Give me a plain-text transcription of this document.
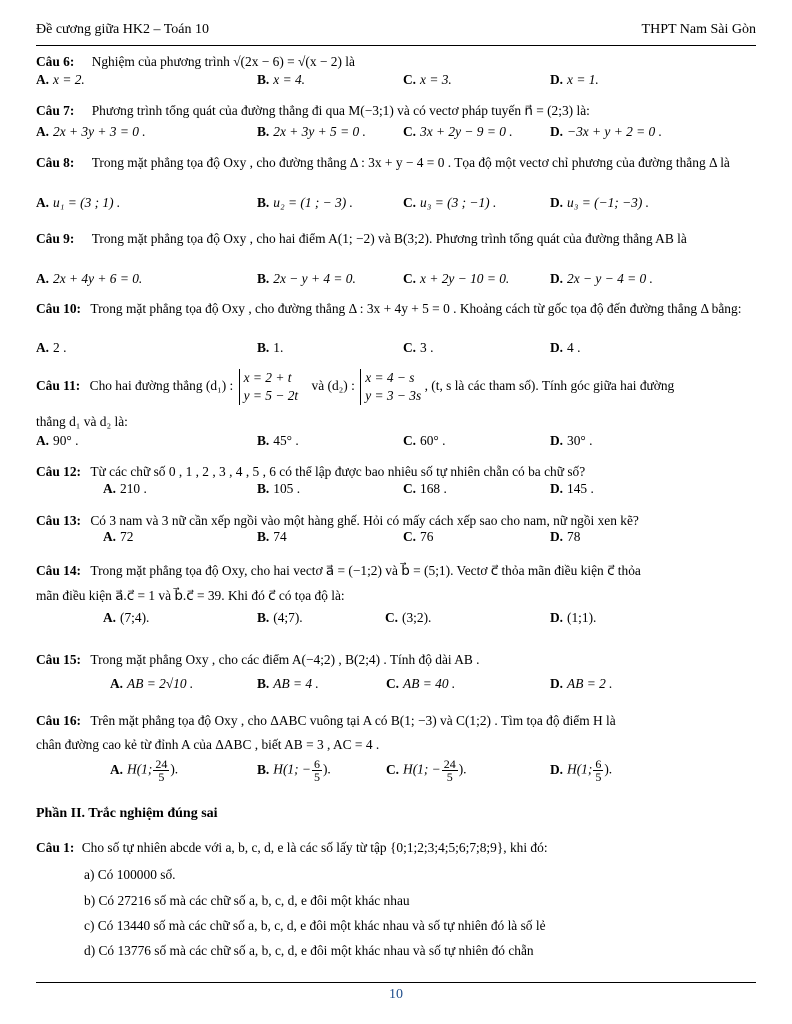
Đề cương giữa HK2 – Toán 10	THPT Nam Sài Gòn
Câu 6: Nghiệm của phương trình √(2x − 6) = √(x − 2) là
A. x = 2.	B. x = 4.	C. x = 3.	D. x = 1.
Câu 7: Phương trình tổng quát của đường thẳng đi qua M(−3;1) và có vectơ pháp tuyến n⃗ = (2;3) là:
A. 2x + 3y + 3 = 0 .	B. 2x + 3y + 5 = 0 .	C. 3x + 2y − 9 = 0 .	D. −3x + y + 2 = 0 .
Câu 8: Trong mặt phẳng tọa độ Oxy , cho đường thẳng Δ : 3x + y − 4 = 0 . Tọa độ một vectơ chỉ phương của đường thẳng Δ là
A. u₁ = (3 ; 1) .	B. u₂ = (1 ; − 3) .	C. u₃ = (3 ; −1) .	D. u₃ = (−1; −3) .
Câu 9: Trong mặt phẳng tọa độ Oxy , cho hai điểm A(1; −2) và B(3;2). Phương trình tổng quát của đường thẳng AB là
A. 2x + 4y + 6 = 0.	B. 2x − y + 4 = 0.	C. x + 2y − 10 = 0.	D. 2x − y − 4 = 0 .
Câu 10: Trong mặt phẳng tọa độ Oxy , cho đường thẳng Δ : 3x + 4y + 5 = 0 . Khoảng cách từ gốc tọa độ đến đường thẳng Δ bằng:
A. 2 .	B. 1.	C. 3 .	D. 4 .
Câu 11: Cho hai đường thẳng (d₁) :
x = 2 + t
y = 5 − 2t
và (d₂) :
x = 4 − s
y = 3 − 3s
, (t, s là các tham số). Tính góc giữa hai đường
thẳng d₁ và d₂ là:
A. 90° .	B. 45° .	C. 60° .	D. 30° .
Câu 12: Từ các chữ số 0 , 1 , 2 , 3 , 4 , 5 , 6 có thể lập được bao nhiêu số tự nhiên chẵn có ba chữ số?
A. 210 .	B. 105 .	C. 168 .	D. 145 .
Câu 13: Có 3 nam và 3 nữ cần xếp ngồi vào một hàng ghế. Hỏi có mấy cách xếp sao cho nam, nữ ngồi xen kẽ?
A. 72	B. 74	C. 76	D. 78
Câu 14: Trong mặt phẳng tọa độ Oxy, cho hai vectơ a⃗ = (−1;2) và b⃗ = (5;1). Vectơ c⃗ thỏa mãn điều kiện c⃗ thỏa
mãn điều kiện a⃗.c⃗ = 1 và b⃗.c⃗ = 39. Khi đó c⃗ có tọa độ là:
A. (7;4).	B. (4;7).	C. (3;2).	D. (1;1).
Câu 15: Trong mặt phẳng Oxy , cho các điểm A(−4;2) , B(2;4) . Tính độ dài AB .
A. AB = 2√10 .	B. AB = 4 .	C. AB = 40 .	D. AB = 2 .
Câu 16: Trên mặt phẳng tọa độ Oxy , cho ΔABC vuông tại A có B(1; −3) và C(1;2) . Tìm tọa độ điểm H là
chân đường cao kẻ từ đỉnh A của ΔABC , biết AB = 3 , AC = 4 .
A. H(1; $\frac{24}{5}$ ).	B. H(1; − $\frac{6}{5}$ ).	C. H(1; − $\frac{24}{5}$ ).	D. H(1; $\frac{6}{5}$ ).
Phần II. Trắc nghiệm đúng sai
Câu 1: Cho số tự nhiên abcde với a, b, c, d, e là các số lấy từ tập {0;1;2;3;4;5;6;7;8;9}, khi đó:
a) Có 100000 số.
b) Có 27216 số mà các chữ số a, b, c, d, e đôi một khác nhau
c) Có 13440 số mà các chữ số a, b, c, d, e đôi một khác nhau và số tự nhiên đó là số lẻ
d) Có 13776 số mà các chữ số a, b, c, d, e đôi một khác nhau và số tự nhiên đó chẵn
10
